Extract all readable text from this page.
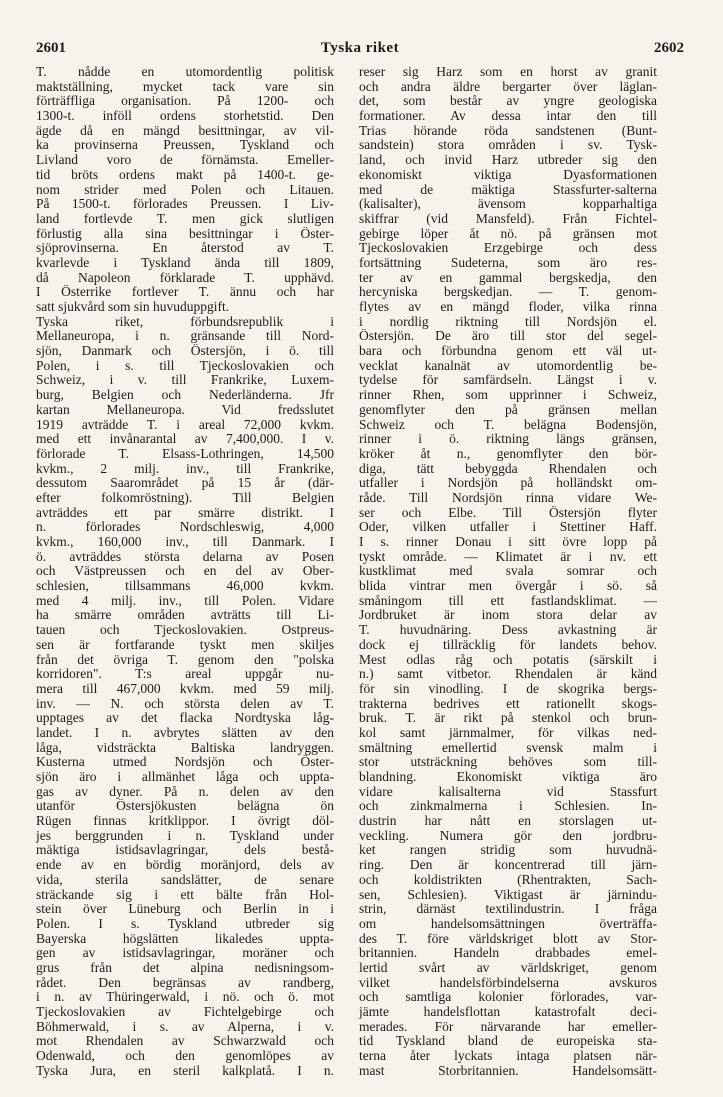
2601	Tyska riket	2602
T. nådde en utomordentlig politisk
maktställning, mycket tack vare sin
förträffliga organisation. På 1200- och
1300-t. inföll ordens storhetstid. Den
ägde då en mängd besittningar, av vil-
ka provinserna Preussen, Tyskland och
Livland voro de förnämsta. Emeller-
tid bröts ordens makt på 1400-t. ge-
nom strider med Polen och Litauen.
På 1500-t. förlorades Preussen. I Liv-
land fortlevde T. men gick slutligen
förlustig alla sina besittningar i Öster-
sjöprovinserna. En återstod av T.
kvarlevde i Tyskland ända till 1809,
då Napoleon förklarade T. upphävd.
I Österrike fortlever T. ännu och har
satt sjukvård som sin huvuduppgift.
Tyska riket, förbundsrepublik i
Mellaneuropa, i n. gränsande till Nord-
sjön, Danmark och Östersjön, i ö. till
Polen, i s. till Tjeckoslovakien och
Schweiz, i v. till Frankrike, Luxem-
burg, Belgien och Nederländerna. Jfr
kartan Mellaneuropa. Vid fredsslutet
1919 avträdde T. i areal 72,000 kvkm.
med ett invånarantal av 7,400,000. I v.
förlorade T. Elsass-Lothringen, 14,500
kvkm., 2 milj. inv., till Frankrike,
dessutom Saarområdet på 15 år (där-
efter folkomröstning). Till Belgien
avträddes ett par smärre distrikt. I
n. förlorades Nordschleswig, 4,000
kvkm., 160,000 inv., till Danmark. I
ö. avträddes största delarna av Posen
och Västpreussen och en del av Ober-
schlesien, tillsammans 46,000 kvkm.
med 4 milj. inv., till Polen. Vidare
ha smärre områden avträtts till Li-
tauen och Tjeckoslovakien. Ostpreus-
sen är fortfarande tyskt men skiljes
från det övriga T. genom den "polska
korridoren". T:s areal uppgår nu-
mera till 467,000 kvkm. med 59 milj.
inv. — N. och största delen av T.
upptages av det flacka Nordtyska låg-
landet. I n. avbrytes slätten av den
låga, vidsträckta Baltiska landryggen.
Kusterna utmed Nordsjön och Öster-
sjön äro i allmänhet låga och uppta-
gas av dyner. På n. delen av den
utanför Östersjökusten belägna ön
Rügen finnas kritklippor. I övrigt döl-
jes berggrunden i n. Tyskland under
mäktiga istidsavlagringar, dels bestå-
ende av en bördig moränjord, dels av
vida, sterila sandslätter, de senare
sträckande sig i ett bälte från Hol-
stein över Lüneburg och Berlin in i
Polen. I s. Tyskland utbreder sig
Bayerska högslätten likaledes uppta-
gen av istidsavlagringar, moräner och
grus från det alpina nedisningsom-
rådet. Den begränsas av randberg,
i n. av Thüringerwald, i nö. och ö. mot
Tjeckoslovakien av Fichtelgebirge och
Böhmerwald, i s. av Alperna, i v.
mot Rhendalen av Schwarzwald och
Odenwald, och den genomlöpes av
Tyska Jura, en steril kalkplatå. I n.
reser sig Harz som en horst av granit
och andra äldre bergarter över läglan-
det, som består av yngre geologiska
formationer. Av dessa intar den till
Trias hörande röda sandstenen (Bunt-
sandstein) stora områden i sv. Tysk-
land, och invid Harz utbreder sig den
ekonomiskt viktiga Dyasformationen
med de mäktiga Stassfurter-salterna
(kalisalter), ävensom kopparhaltiga
skiffrar (vid Mansfeld). Från Fichtel-
gebirge löper åt nö. på gränsen mot
Tjeckoslovakien Erzgebirge och dess
fortsättning Sudeterna, som äro res-
ter av en gammal bergskedja, den
hercyniska bergskedjan. — T. genom-
flytes av en mängd floder, vilka rinna
i nordlig riktning till Nordsjön el.
Östersjön. De äro till stor del segel-
bara och förbundna genom ett väl ut-
vecklat kanalnät av utomordentlig be-
tydelse för samfärdseln. Längst i v.
rinner Rhen, som upprinner i Schweiz,
genomflyter den på gränsen mellan
Schweiz och T. belägna Bodensjön,
rinner i ö. riktning längs gränsen,
kröker åt n., genomflyter den bör-
diga, tätt bebyggda Rhendalen och
utfaller i Nordsjön på holländskt om-
råde. Till Nordsjön rinna vidare We-
ser och Elbe. Till Östersjön flyter
Oder, vilken utfaller i Stettiner Haff.
I s. rinner Donau i sitt övre lopp på
tyskt område. — Klimatet är i nv. ett
kustklimat med svala somrar och
blida vintrar men övergår i sö. så
småningom till ett fastlandsklimat. —
Jordbruket är inom stora delar av
T. huvudnäring. Dess avkastning är
dock ej tillräcklig för landets behov.
Mest odlas råg och potatis (särskilt i
n.) samt vitbetor. Rhendalen är känd
för sin vinodling. I de skogrika bergs-
trakterna bedrives ett rationellt skogs-
bruk. T. är rikt på stenkol och brun-
kol samt järnmalmer, för vilkas ned-
smältning emellertid svensk malm i
stor utsträckning behöves som till-
blandning. Ekonomiskt viktiga äro
vidare kalisalterna vid Stassfurt
och zinkmalmerna i Schlesien. In-
dustrin har nått en storslagen ut-
veckling. Numera gör den jordbru-
ket rangen stridig som huvudnä-
ring. Den är koncentrerad till järn-
och koldistrikten (Rhentrakten, Sach-
sen, Schlesien). Viktigast är järnindu-
strin, därnäst textilindustrin. I fråga
om handelsomsättningen överträffa-
des T. före världskriget blott av Stor-
britannien. Handeln drabbades emel-
lertid svårt av världskriget, genom
vilket handelsförbindelserna avskuros
och samtliga kolonier förlorades, var-
jämte handelsflottan katastrofalt deci-
merades. För närvarande har emeller-
tid Tyskland bland de europeiska sta-
terna åter lyckats intaga platsen när-
mast Storbritannien. Handelsomsätt-
